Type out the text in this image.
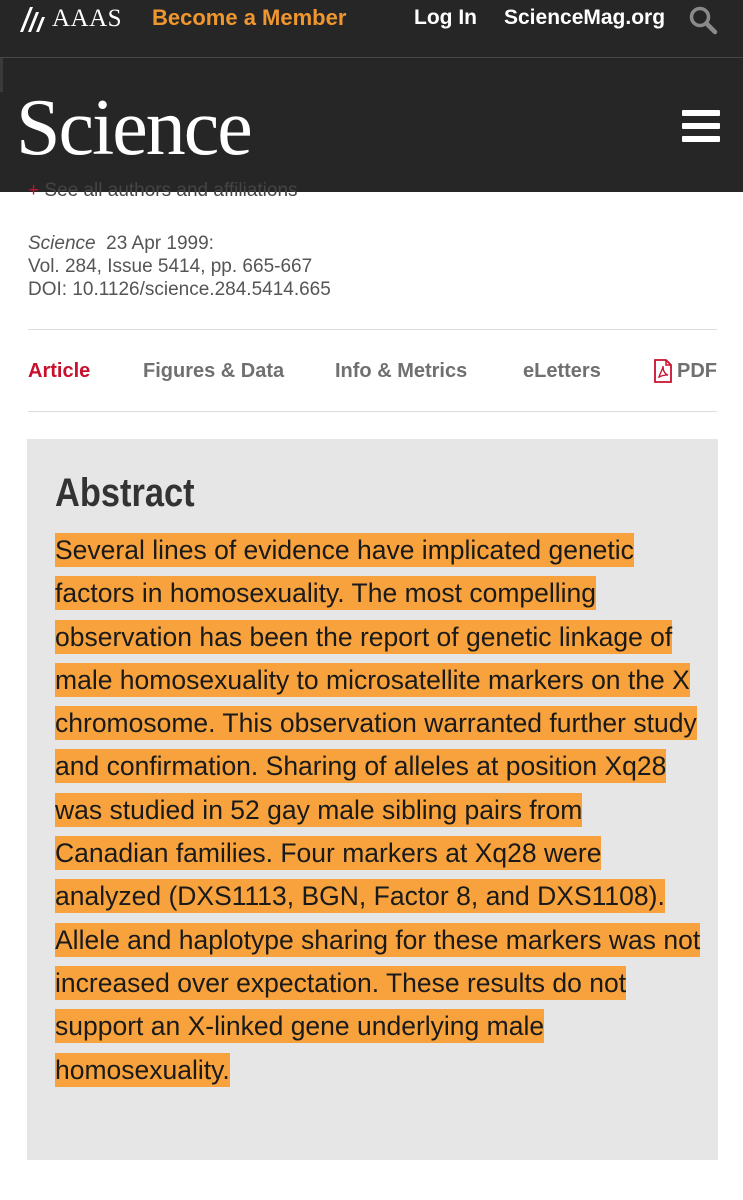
AAAS Become a Member	Log In ScienceMag.org
Science
+ See all authors and affiliations
Science 23 Apr 1999:
Vol. 284, Issue 5414, pp. 665-667
DOI: 10.1126/science.284.5414.665
Article	Figures & Data	Info & Metrics	eLetters	PDF
Abstract
Several lines of evidence have implicated genetic factors in homosexuality. The most compelling observation has been the report of genetic linkage of male homosexuality to microsatellite markers on the X chromosome. This observation warranted further study and confirmation. Sharing of alleles at position Xq28 was studied in 52 gay male sibling pairs from Canadian families. Four markers at Xq28 were analyzed (DXS1113, BGN, Factor 8, and DXS1108). Allele and haplotype sharing for these markers was not increased over expectation. These results do not support an X-linked gene underlying male homosexuality.
